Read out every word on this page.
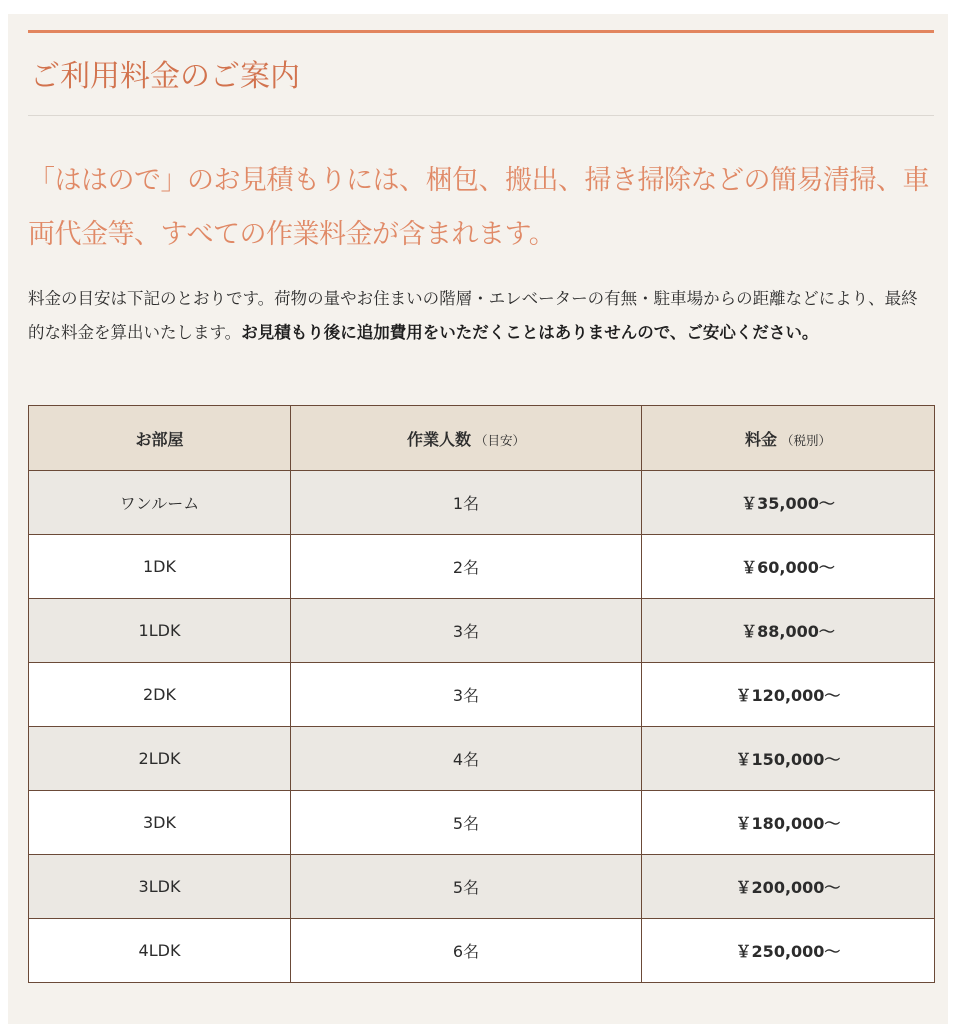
ご利用料金のご案内

「ははので」のお見積もりには、梱包、搬出、掃き掃除などの簡易清掃、車両代金等、すべての作業料金が含まれます。

料金の目安は下記のとおりです。荷物の量やお住まいの階層・エレベーターの有無・駐車場からの距離などにより、最終的な料金を算出いたします。お見積もり後に追加費用をいただくことはありませんので、ご安心ください。

お部屋	作業人数 （目安）	料金 （税別）
ワンルーム	1名	￥35,000～
1DK	2名	￥60,000～
1LDK	3名	￥88,000～
2DK	3名	￥120,000～
2LDK	4名	￥150,000～
3DK	5名	￥180,000～
3LDK	5名	￥200,000～
4LDK	6名	￥250,000～
